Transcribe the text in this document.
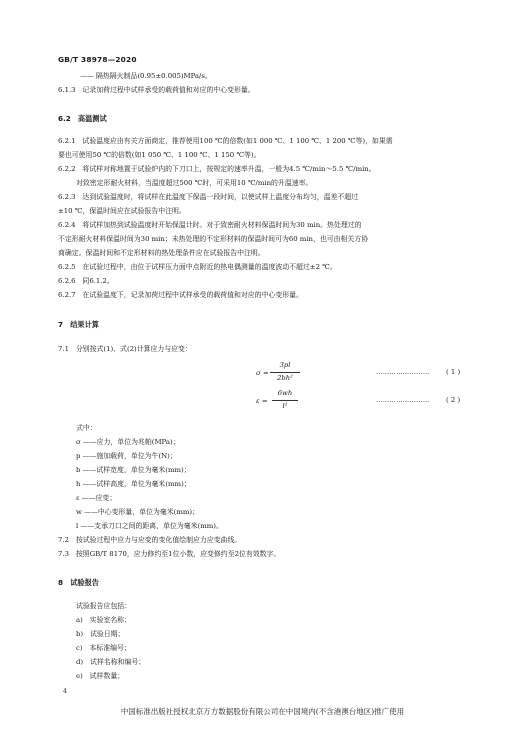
GB/T 38978—2020
—— 隔热隔火制品(0.95±0.005)MPa/s。
6.1.3　记录加荷过程中试样承受的载荷值和对应的中心变形量。
6.2　高温测试
6.2.1　试验温度应由有关方面商定，推荐使用100 ℃的倍数(如1 000 ℃、1 100 ℃、1 200 ℃等)，如果需
要也可使用50 ℃的倍数(如1 050 ℃、1 100 ℃、1 150 ℃等)。
6.2.2　将试样对称地置于试验炉内的下刀口上，按规定的速率升温，一般为4.5 ℃/min～5.5 ℃/min。
对致密定形耐火材料，当温度超过500 ℃时，可采用10 ℃/min的升温速率。
6.2.3　达到试验温度时，将试样在此温度下保温一段时间，以使试样上温度分布均匀，温差不超过
±10 ℃，保温时间应在试验报告中注明。
6.2.4　将试样加热到试验温度时开始保温计时。对于致密耐火材料保温时间为30 min。热处理过的
不定形耐火材料保温时间为30 min；未热处理的不定形材料的保温时间可为60 min，也可由相关方协
商确定。保温时间和不定形材料的热处理条件应在试验报告中注明。
6.2.5　在试验过程中，由位于试样压力面中点附近的热电偶测量的温度波动不超过±2 ℃。
6.2.6　同6.1.2。
6.2.7　在试验温度下，记录加荷过程中试样承受的载荷值和对应的中心变形量。
7　结果计算
7.1　分别按式(1)、式(2)计算应力与应变：
σ =
3pl
2bh²
…………………… ( 1 )
ε =
6wh
l²
…………………… ( 2 )
式中：
σ ——应力，单位为兆帕(MPa)；
p ——施加载荷，单位为牛(N)；
b ——试样宽度，单位为毫米(mm)；
h ——试样高度，单位为毫米(mm)；
ε ——应变；
w ——中心变形量，单位为毫米(mm)；
l ——支承刀口之间的距离，单位为毫米(mm)。
7.2　按试验过程中应力与应变的变化值绘制应力应变曲线。
7.3　按照GB/T 8170，应力修约至1位小数，应变修约至2位有效数字。
8　试验报告
试验报告应包括：
a)　实验室名称；
b)　试验日期；
c)　本标准编号；
d)　试样名称和编号；
e)　试样数量；
4
中国标准出版社授权北京万方数据股份有限公司在中国境内(不含港澳台地区)推广使用
